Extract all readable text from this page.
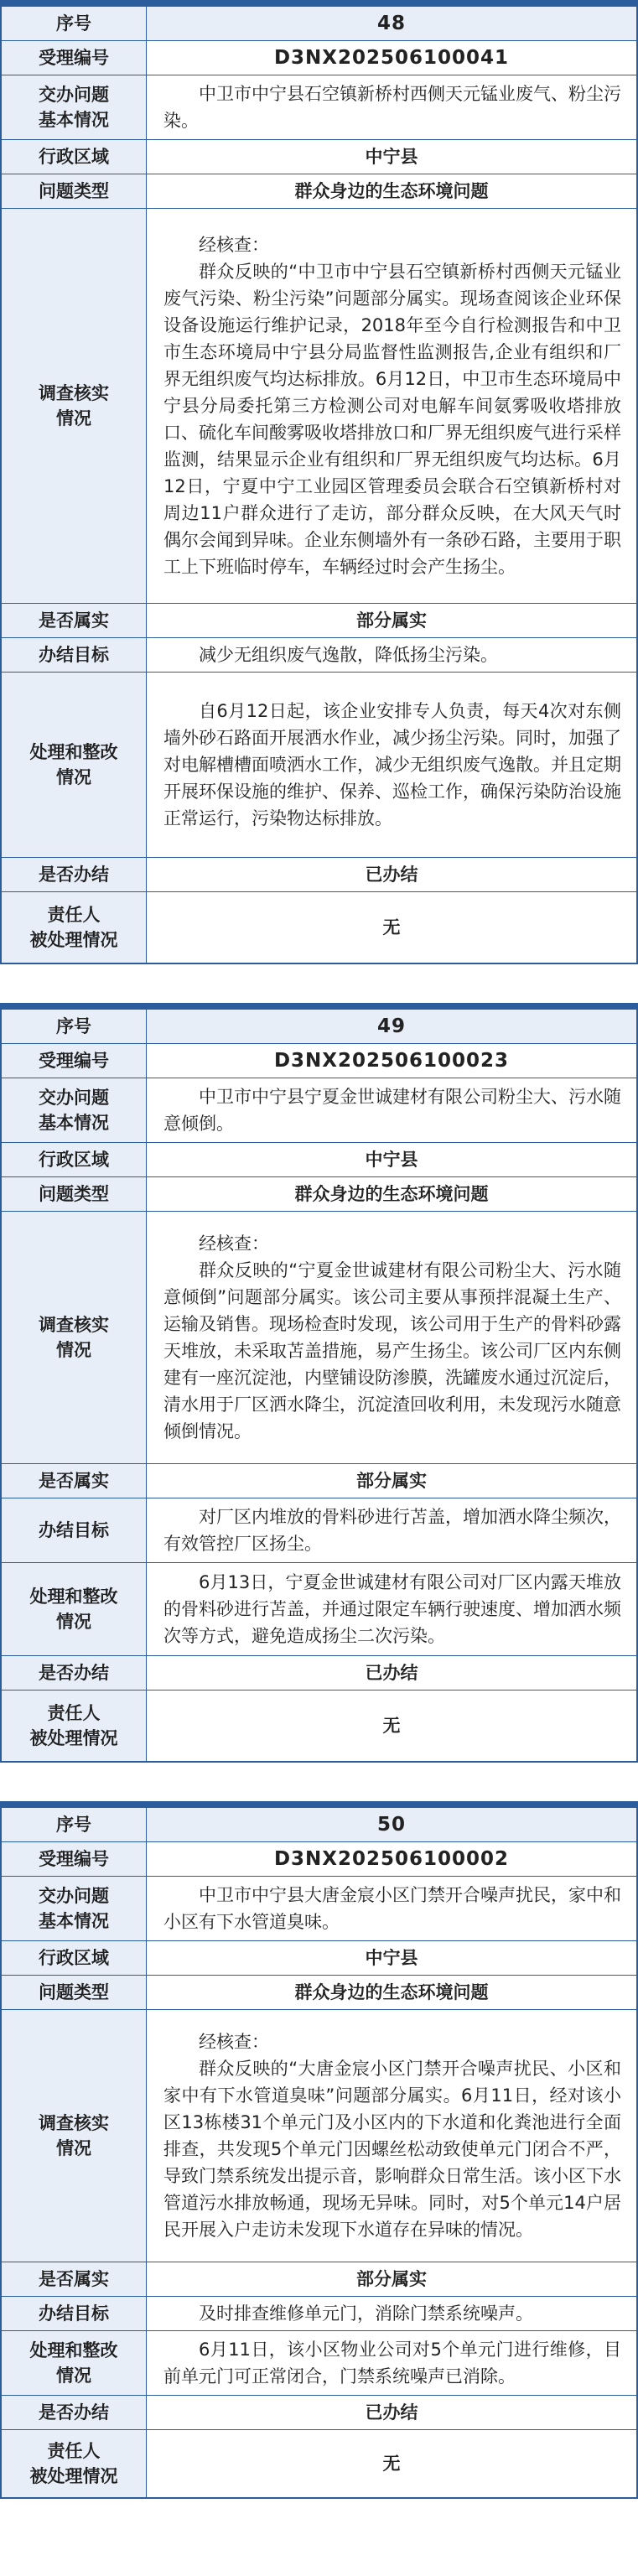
序号	48
受理编号	D3NX202506100041
交办问题
基本情况	中卫市中宁县石空镇新桥村西侧天元锰业废气、粉尘污染。

行政区域	中宁县
问题类型	群众身边的生态环境问题
调查核实
情况	经核查：
群众反映的“中卫市中宁县石空镇新桥村西侧天元锰业废气污染、粉尘污染”问题部分属实。现场查阅该企业环保设备设施运行维护记录，2018年至今自行检测报告和中卫市生态环境局中宁县分局监督性监测报告,企业有组织和厂界无组织废气均达标排放。6月12日，中卫市生态环境局中宁县分局委托第三方检测公司对电解车间氨雾吸收塔排放口、硫化车间酸雾吸收塔排放口和厂界无组织废气进行采样监测，结果显示企业有组织和厂界无组织废气均达标。6月12日，宁夏中宁工业园区管理委员会联合石空镇新桥村对周边11户群众进行了走访，部分群众反映，在大风天气时偶尔会闻到异味。企业东侧墙外有一条砂石路，主要用于职工上下班临时停车，车辆经过时会产生扬尘。

是否属实	部分属实
办结目标	减少无组织废气逸散，降低扬尘污染。

处理和整改
情况	自6月12日起，该企业安排专人负责，每天4次对东侧墙外砂石路面开展洒水作业，减少扬尘污染。同时，加强了对电解槽槽面喷洒水工作，减少无组织废气逸散。并且定期开展环保设施的维护、保养、巡检工作，确保污染防治设施正常运行，污染物达标排放。

是否办结	已办结
责任人
被处理情况	无
序号	49
受理编号	D3NX202506100023
交办问题
基本情况	中卫市中宁县宁夏金世诚建材有限公司粉尘大、污水随意倾倒。

行政区域	中宁县
问题类型	群众身边的生态环境问题
调查核实
情况	经核查：
群众反映的“宁夏金世诚建材有限公司粉尘大、污水随意倾倒”问题部分属实。该公司主要从事预拌混凝土生产、运输及销售。现场检查时发现，该公司用于生产的骨料砂露天堆放，未采取苫盖措施，易产生扬尘。该公司厂区内东侧建有一座沉淀池，内壁铺设防渗膜，洗罐废水通过沉淀后，清水用于厂区洒水降尘，沉淀渣回收利用，未发现污水随意倾倒情况。

是否属实	部分属实
办结目标	对厂区内堆放的骨料砂进行苫盖，增加洒水降尘频次，有效管控厂区扬尘。

处理和整改
情况	6月13日，宁夏金世诚建材有限公司对厂区内露天堆放的骨料砂进行苫盖，并通过限定车辆行驶速度、增加洒水频次等方式，避免造成扬尘二次污染。

是否办结	已办结
责任人
被处理情况	无
序号	50
受理编号	D3NX202506100002
交办问题
基本情况	中卫市中宁县大唐金宸小区门禁开合噪声扰民，家中和小区有下水管道臭味。

行政区域	中宁县
问题类型	群众身边的生态环境问题
调查核实
情况	经核查：
群众反映的“大唐金宸小区门禁开合噪声扰民、小区和家中有下水管道臭味”问题部分属实。6月11日，经对该小区13栋楼31个单元门及小区内的下水道和化粪池进行全面排查，共发现5个单元门因螺丝松动致使单元门闭合不严，导致门禁系统发出提示音，影响群众日常生活。该小区下水管道污水排放畅通，现场无异味。同时，对5个单元14户居民开展入户走访未发现下水道存在异味的情况。

是否属实	部分属实
办结目标	及时排查维修单元门，消除门禁系统噪声。

处理和整改
情况	6月11日，该小区物业公司对5个单元门进行维修，目前单元门可正常闭合，门禁系统噪声已消除。

是否办结	已办结
责任人
被处理情况	无
